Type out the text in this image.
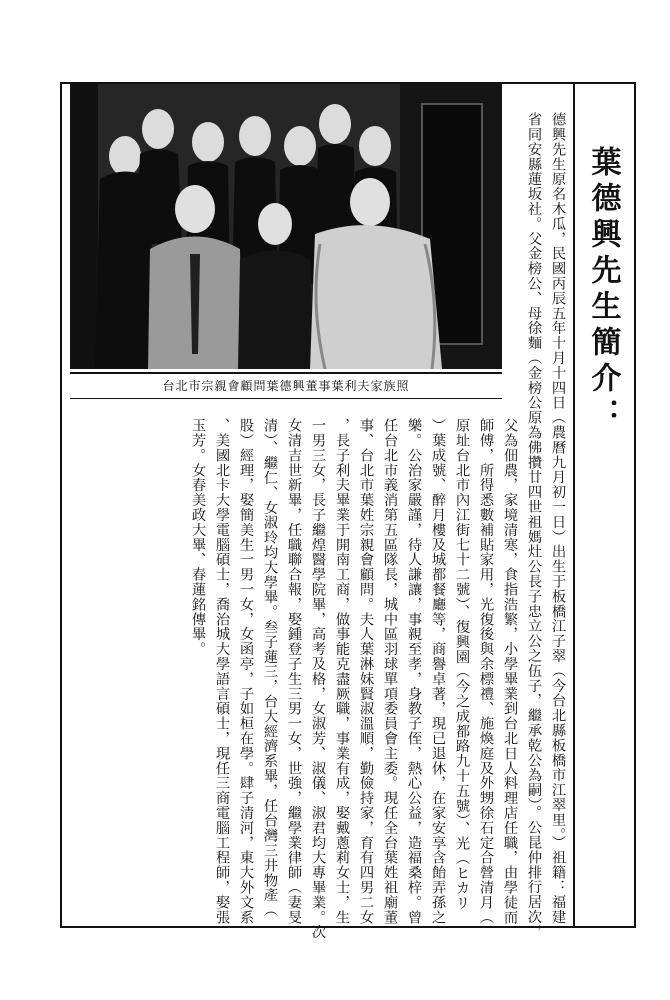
葉德興先生簡介：
台北市宗親會顧問葉德興董事葉利夫家族照	德興先生原名木瓜，民國丙辰五年十月十四日（農曆九月初一日）出生于板橋江子翠（今台北縣板橋市江翠里。）祖籍：福建
省同安縣蓮坂社。父金榜公、母徐麵（金榜公原為佛攢廿四世祖媽灶公長子忠立公之伍子，繼承乾公為嗣）。公昆仲排行居次，
父為佃農，家境清寒，食指浩繁，小學畢業到台北日人料理店任職，由學徒而
師傅，所得悉數補貼家用，光復後與余標禮、施煥庭及外甥徐石定合營清月（
原址台北市內江街七十二號）、復興園（今之成都路九十五號）、光（ヒカリ
）葉成號、醉月樓及城都餐廳等，商譽卓著，現已退休，在家安享含飴弄孫之
樂。公治家嚴謹，待人謙讓，事親至孝，身教子侄，熱心公益，造福桑梓。曾
任台北市義消第五區隊長，城中區羽球單項委員會主委。現任全台葉姓祖廟董
事、台北市葉姓宗親會顧問。夫人葉淋妹賢淑溫順，勤儉持家，育有四男二女
，長子利夫畢業于開南工商，做事能克盡厥職，事業有成，娶戴蔥莉女士，生
一男三女，長子繼煌醫學院畢，高考及格，女淑芳、淑儀、淑君均大專畢業。次
女清吉世新畢，任職聯合報，娶鍾登子生三男一女，世強，繼學業律師（妻旻
清）、繼仁、女淑玲均大學畢。叁子蓮三，台大經濟系畢，任台灣三井物產（
股）經理，娶簡美生一男一女，女函亭，子如桓在學。肆子清河，東大外文系
、美國北卡大學電腦碩士，喬治城大學語言碩士，現任三商電腦工程師，娶張
玉芳。女春美政大畢、春蓮銘傳畢。
